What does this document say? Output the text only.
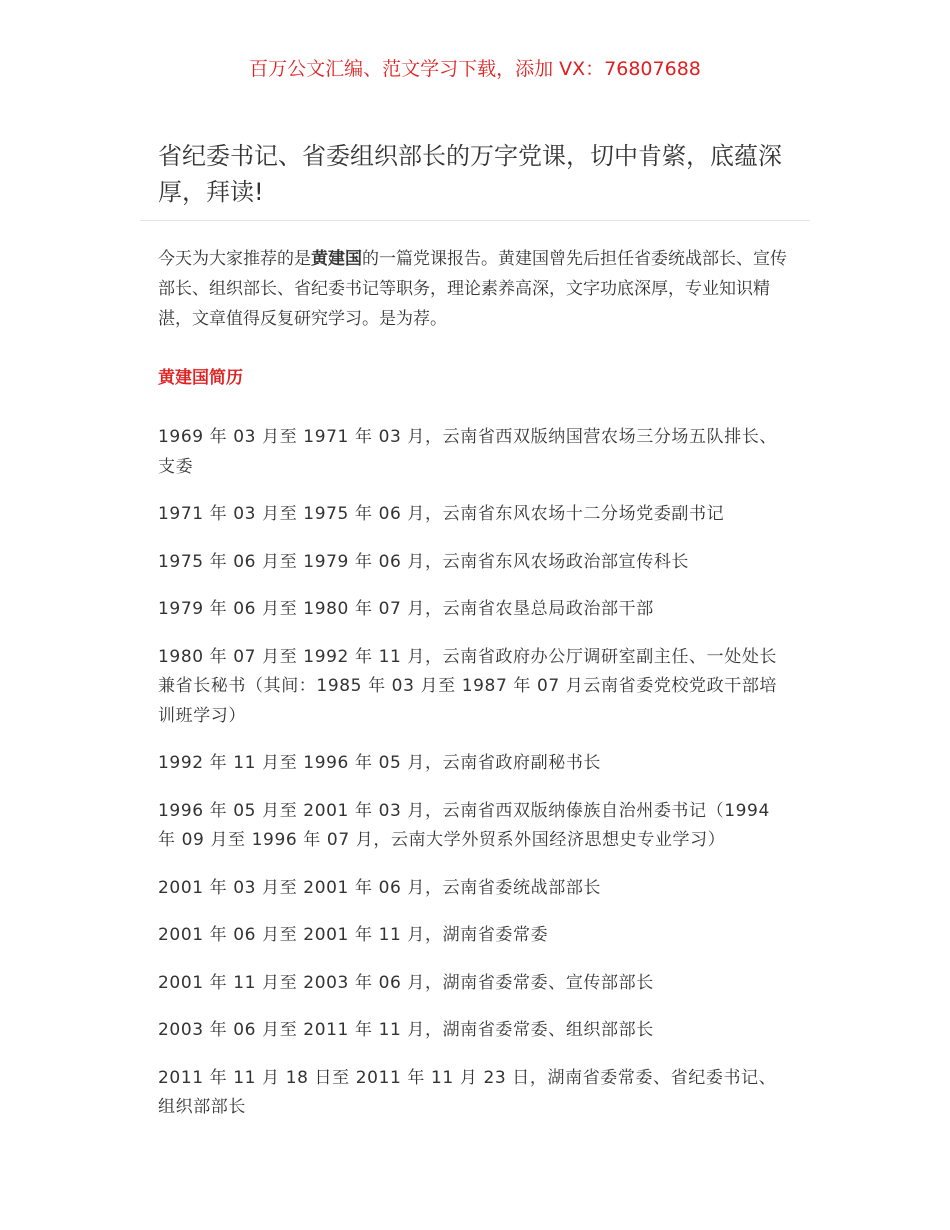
百万公文汇编、范文学习下载，添加 VX：76807688
省纪委书记、省委组织部长的万字党课，切中肯綮，底蕴深厚，拜读!

今天为大家推荐的是黄建国的一篇党课报告。黄建国曾先后担任省委统战部长、宣传部长、组织部长、省纪委书记等职务，理论素养高深，文字功底深厚，专业知识精湛，文章值得反复研究学习。是为荐。

黄建国简历
1969 年 03 月至 1971 年 03 月，云南省西双版纳国营农场三分场五队排长、支委
1971 年 03 月至 1975 年 06 月，云南省东风农场十二分场党委副书记
1975 年 06 月至 1979 年 06 月，云南省东风农场政治部宣传科长
1979 年 06 月至 1980 年 07 月，云南省农垦总局政治部干部
1980 年 07 月至 1992 年 11 月，云南省政府办公厅调研室副主任、一处处长兼省长秘书（其间：1985 年 03 月至 1987 年 07 月云南省委党校党政干部培训班学习）
1992 年 11 月至 1996 年 05 月，云南省政府副秘书长
1996 年 05 月至 2001 年 03 月，云南省西双版纳傣族自治州委书记（1994 年 09 月至 1996 年 07 月，云南大学外贸系外国经济思想史专业学习）
2001 年 03 月至 2001 年 06 月，云南省委统战部部长
2001 年 06 月至 2001 年 11 月，湖南省委常委
2001 年 11 月至 2003 年 06 月，湖南省委常委、宣传部部长
2003 年 06 月至 2011 年 11 月，湖南省委常委、组织部部长
2011 年 11 月 18 日至 2011 年 11 月 23 日，湖南省委常委、省纪委书记、组织部部长
